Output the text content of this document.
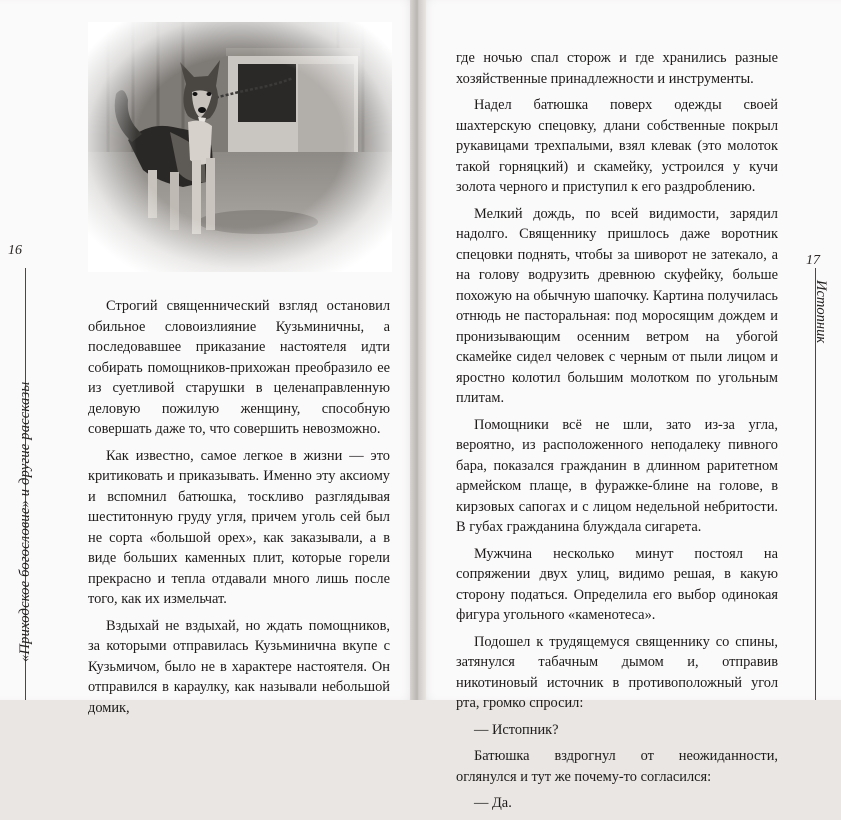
16
17
«Приходское богословие» и другие рассказы
Истопник

Строгий священнический взгляд остановил обильное словоизлияние Кузьминичны, а последовавшее приказание настоятеля идти собирать помощников-прихожан преобразило ее из суетливой старушки в целенаправленную деловую пожилую женщину, способную совершать даже то, что совершить невозможно.

Как известно, самое легкое в жизни — это критиковать и приказывать. Именно эту аксиому и вспомнил батюшка, тоскливо разглядывая шеститонную груду угля, причем уголь сей был не сорта «большой орех», как заказывали, а в виде больших каменных плит, которые горели прекрасно и тепла отдавали много лишь после того, как их измельчат.

Вздыхай не вздыхай, но ждать помощников, за которыми отправилась Кузьминична вкупе с Кузьмичом, было не в характере настоятеля. Он отправился в караулку, как называли небольшой домик,

где ночью спал сторож и где хранились разные хозяйственные принадлежности и инструменты.

Надел батюшка поверх одежды своей шахтерскую спецовку, длани собственные покрыл рукавицами трехпалыми, взял клевак (это молоток такой горняцкий) и скамейку, устроился у кучи золота черного и приступил к его раздроблению.

Мелкий дождь, по всей видимости, зарядил надолго. Священнику пришлось даже воротник спецовки поднять, чтобы за шиворот не затекало, а на голову водрузить древнюю скуфейку, больше похожую на обычную шапочку. Картина получилась отнюдь не пасторальная: под моросящим дождем и пронизывающим осенним ветром на убогой скамейке сидел человек с черным от пыли лицом и яростно колотил большим молотком по угольным плитам.

Помощники всё не шли, зато из-за угла, вероятно, из расположенного неподалеку пивного бара, показался гражданин в длинном раритетном армейском плаще, в фуражке-блине на голове, в кирзовых сапогах и с лицом недельной небритости. В губах гражданина блуждала сигарета.

Мужчина несколько минут постоял на сопряжении двух улиц, видимо решая, в какую сторону податься. Определила его выбор одинокая фигура угольного «каменотеса».

Подошел к трудящемуся священнику со спины, затянулся табачным дымом и, отправив никотиновый источник в противоположный угол рта, громко спросил:

— Истопник?

Батюшка вздрогнул от неожиданности, оглянулся и тут же почему-то согласился:

— Да.
